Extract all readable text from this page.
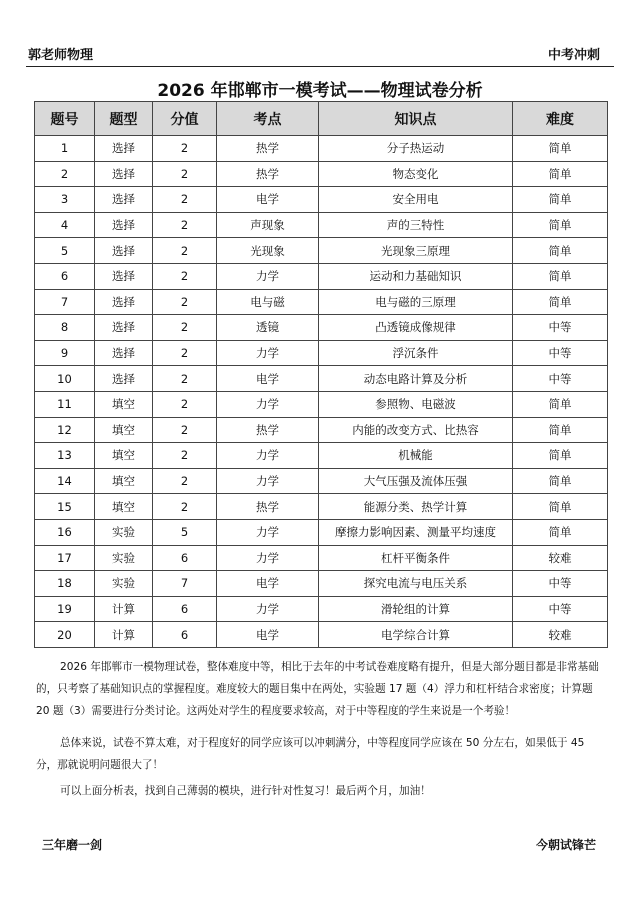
郭老师物理	中考冲刺
2026 年邯郸市一模考试——物理试卷分析
题号	题型	分值	考点	知识点	难度
1	选择	2	热学	分子热运动	简单
2	选择	2	热学	物态变化	简单
3	选择	2	电学	安全用电	简单
4	选择	2	声现象	声的三特性	简单
5	选择	2	光现象	光现象三原理	简单
6	选择	2	力学	运动和力基础知识	简单
7	选择	2	电与磁	电与磁的三原理	简单
8	选择	2	透镜	凸透镜成像规律	中等
9	选择	2	力学	浮沉条件	中等
10	选择	2	电学	动态电路计算及分析	中等
11	填空	2	力学	参照物、电磁波	简单
12	填空	2	热学	内能的改变方式、比热容	简单
13	填空	2	力学	机械能	简单
14	填空	2	力学	大气压强及流体压强	简单
15	填空	2	热学	能源分类、热学计算	简单
16	实验	5	力学	摩擦力影响因素、测量平均速度	简单
17	实验	6	力学	杠杆平衡条件	较难
18	实验	7	电学	探究电流与电压关系	中等
19	计算	6	力学	滑轮组的计算	中等
20	计算	6	电学	电学综合计算	较难

2026 年邯郸市一模物理试卷，整体难度中等，相比于去年的中考试卷难度略有提升，但是大部分题目都是非常基础的，只考察了基础知识点的掌握程度。难度较大的题目集中在两处，实验题 17 题（4）浮力和杠杆结合求密度；计算题 20 题（3）需要进行分类讨论。这两处对学生的程度要求较高，对于中等程度的学生来说是一个考验！

总体来说，试卷不算太难，对于程度好的同学应该可以冲刺满分，中等程度同学应该在 50 分左右，如果低于 45 分，那就说明问题很大了！

可以上面分析表，找到自己薄弱的模块，进行针对性复习！最后两个月，加油！

三年磨一剑	今朝试锋芒
